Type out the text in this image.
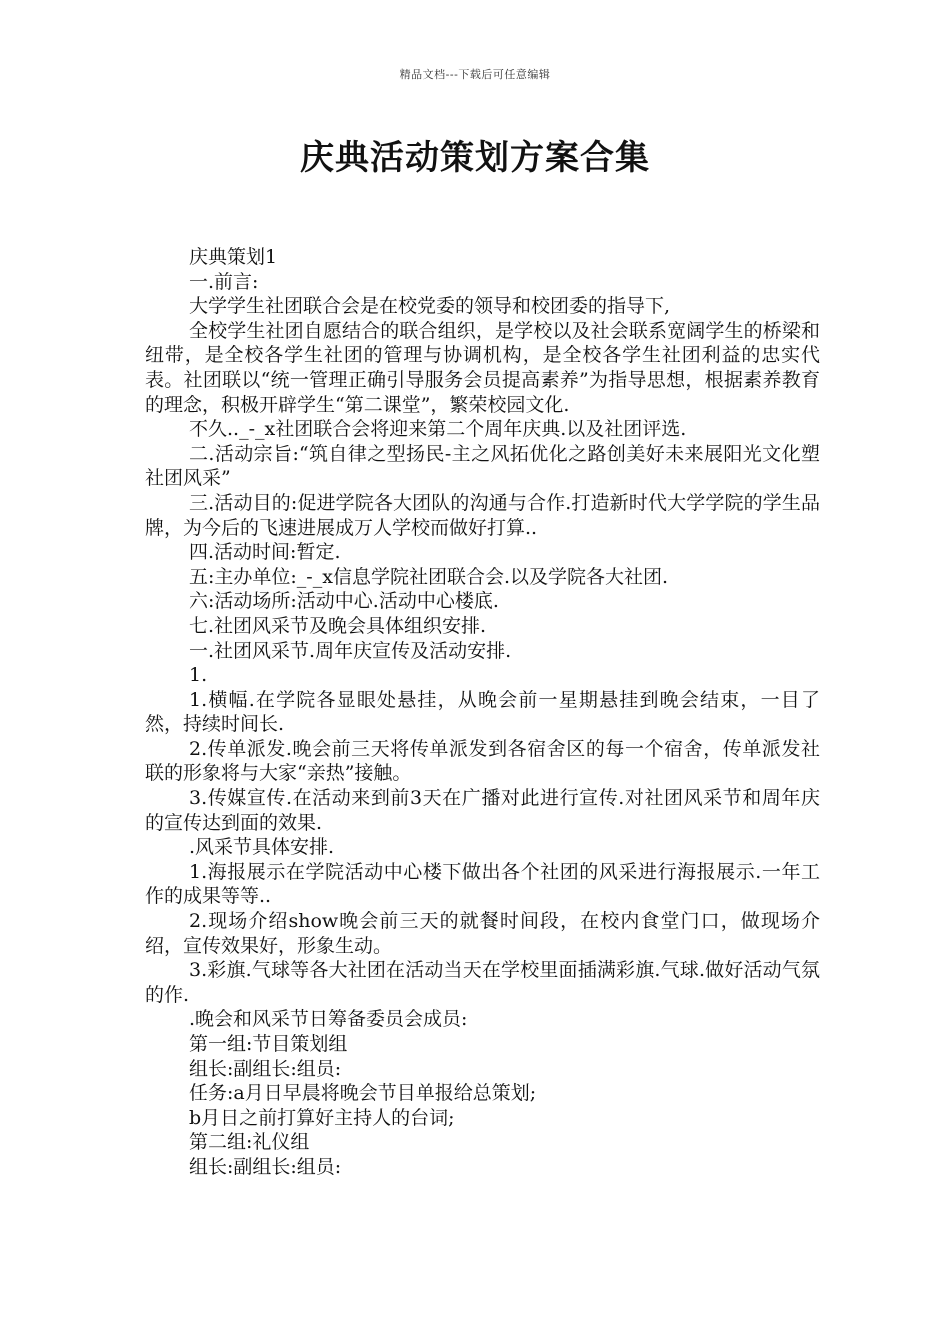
精品文档---下载后可任意编辑
庆典活动策划方案合集

庆典策划1

一.前言:

大学学生社团联合会是在校党委的领导和校团委的指导下,

全校学生社团自愿结合的联合组织，是学校以及社会联系宽阔学生的桥梁和纽带，是全校各学生社团的管理与协调机构，是全校各学生社团利益的忠实代表。社团联以“统一管理正确引导服务会员提高素养”为指导思想，根据素养教育的理念，积极开辟学生“第二课堂”，繁荣校园文化.

不久.._-_x社团联合会将迎来第二个周年庆典.以及社团评选.

二.活动宗旨:“筑自律之型扬民-主之风拓优化之路创美好未来展阳光文化塑社团风采”

三.活动目的:促进学院各大团队的沟通与合作.打造新时代大学学院的学生品牌，为今后的飞速进展成万人学校而做好打算..

四.活动时间:暂定.

五:主办单位:_-_x信息学院社团联合会.以及学院各大社团.

六:活动场所:活动中心.活动中心楼底.

七.社团风采节及晚会具体组织安排.

一.社团风采节.周年庆宣传及活动安排.

1.

1.横幅.在学院各显眼处悬挂，从晚会前一星期悬挂到晚会结束，一目了然，持续时间长.

2.传单派发.晚会前三天将传单派发到各宿舍区的每一个宿舍，传单派发社联的形象将与大家“亲热”接触。

3.传媒宣传.在活动来到前3天在广播对此进行宣传.对社团风采节和周年庆的宣传达到面的效果.

.风采节具体安排.

1.海报展示在学院活动中心楼下做出各个社团的风采进行海报展示.一年工作的成果等等..

2.现场介绍show晚会前三天的就餐时间段，在校内食堂门口，做现场介绍，宣传效果好，形象生动。

3.彩旗.气球等各大社团在活动当天在学校里面插满彩旗.气球.做好活动气氛的作.

.晚会和风采节日筹备委员会成员:

第一组:节目策划组

组长:副组长:组员:

任务:a月日早晨将晚会节目单报给总策划;

b月日之前打算好主持人的台词;

第二组:礼仪组

组长:副组长:组员:
